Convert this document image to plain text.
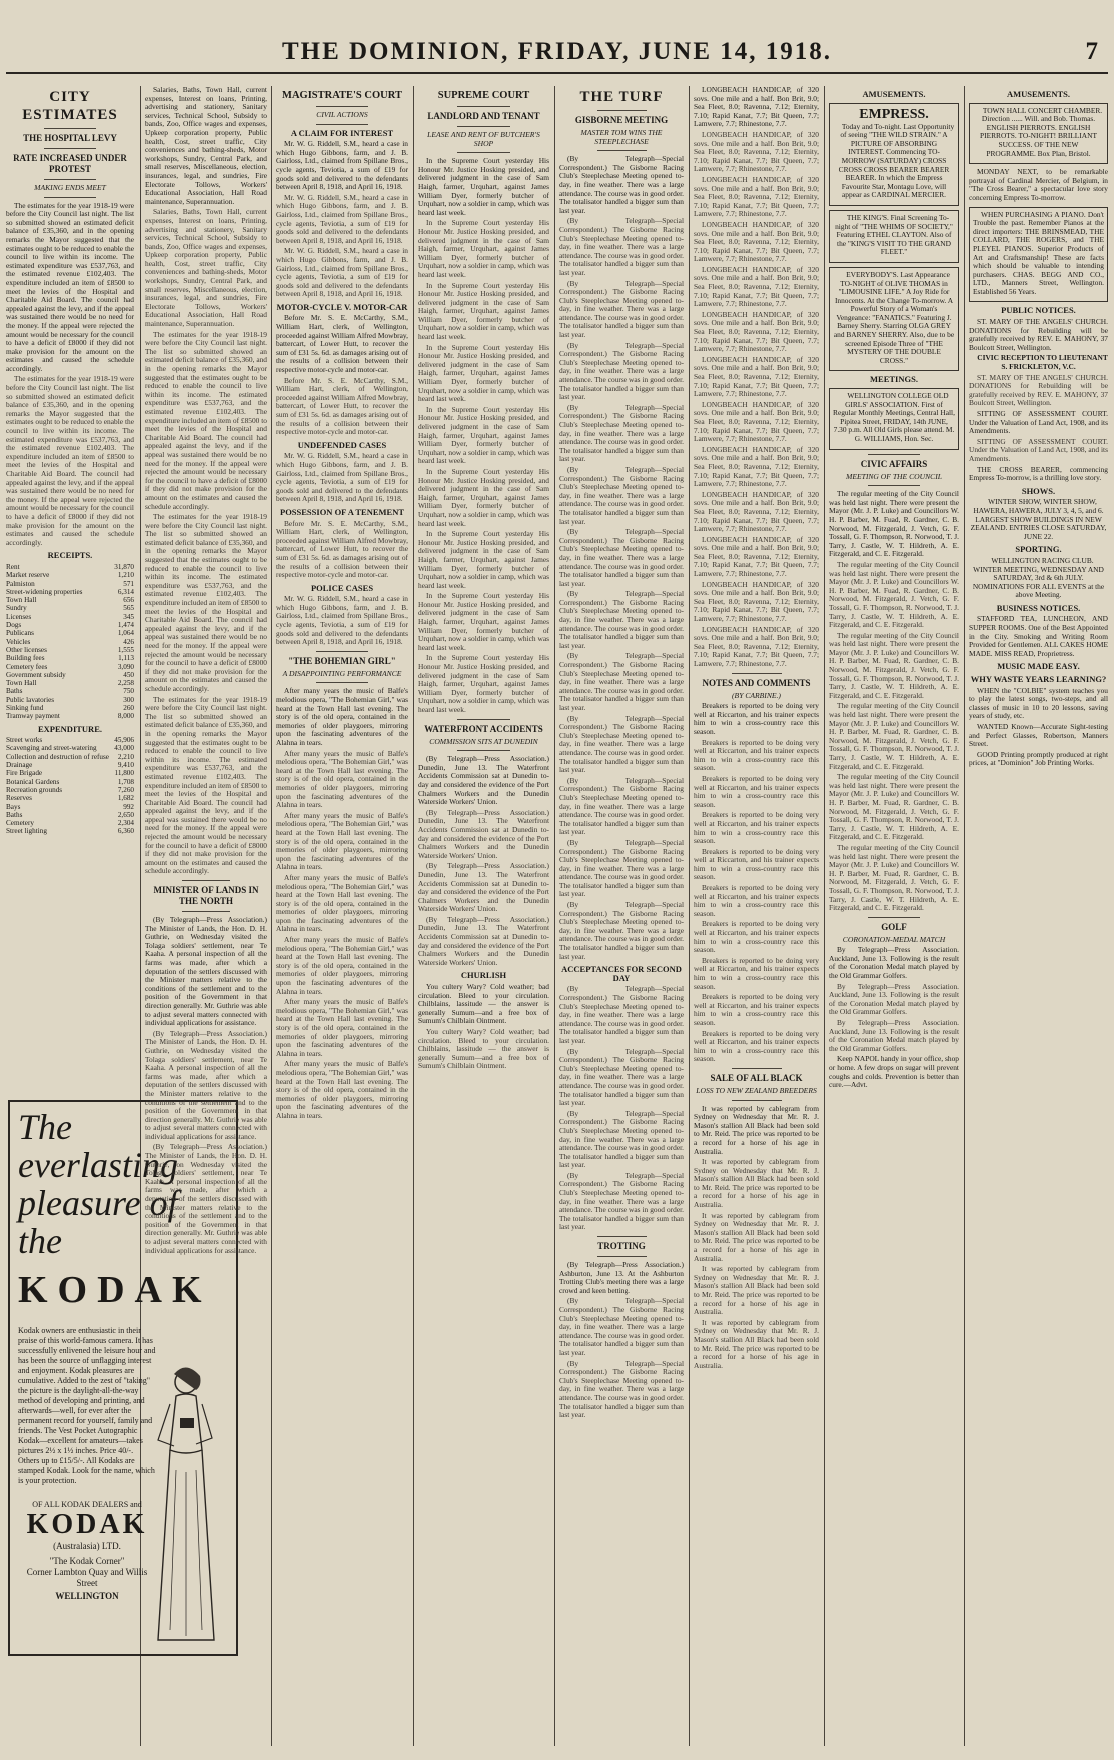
THE DOMINION, FRIDAY, JUNE 14, 1918.	7
CITY ESTIMATES
THE HOSPITAL LEVY
RATE INCREASED UNDER PROTEST
MAKING ENDS MEET

The estimates for the year 1918-19 were before the City Council last night. The list so submitted showed an estimated deficit balance of £35,360, and in the opening remarks the Mayor suggested that the estimates ought to be reduced to enable the council to live within its income. The estimated expenditure was £537,763, and the estimated revenue £102,403. The expenditure included an item of £8500 to meet the levies of the Hospital and Charitable Aid Board. The council had appealed against the levy, and if the appeal was sustained there would be no need for the money. If the appeal were rejected the amount would be necessary for the council to have a deficit of £8000 if they did not make provision for the amount on the estimates and caused the schedule accordingly.

The estimates for the year 1918-19 were before the City Council last night. The list so submitted showed an estimated deficit balance of £35,360, and in the opening remarks the Mayor suggested that the estimates ought to be reduced to enable the council to live within its income. The estimated expenditure was £537,763, and the estimated revenue £102,403. The expenditure included an item of £8500 to meet the levies of the Hospital and Charitable Aid Board. The council had appealed against the levy, and if the appeal was sustained there would be no need for the money. If the appeal were rejected the amount would be necessary for the council to have a deficit of £8000 if they did not make provision for the amount on the estimates and caused the schedule accordingly.

RECEIPTS.
Rent	31,870
Market reserve	1,210
Palmiston	571
Street-widening properties	6,314
Town Hall	656
Sundry	565
Licenses	345
Dogs	1,474
Publicans	1,064
Vehicles	426
Other licenses	1,555
Building fees	1,113
Cemetery fees	3,090
Government subsidy	450
Town Hall	2,258
Baths	750
Public lavatories	300
Sinking fund	260
Tramway payment	8,000
EXPENDITURE.
Street works	45,906
Scavenging and street-watering	43,000
Collection and destruction of refuse	2,210
Drainage	9,410
Fire Brigade	11,800
Botanical Gardens	1,708
Recreation grounds	7,260
Reserves	1,682
Bays	992
Baths	2,650
Cemetery	2,304
Street lighting	6,360
The everlasting pleasure of the
KODAK
Kodak owners are enthusiastic in their praise of this world-famous camera. It has successfully enlivened the leisure hour and has been the source of unflagging interest and enjoyment. Kodak pleasures are cumulative. Added to the zest of "taking" the picture is the daylight-all-the-way method of developing and printing, and afterwards—well, for ever after the permanent record for yourself, family and friends. The Vest Pocket Autographic Kodak—excellent for amateurs—takes pictures 2½ x 1½ inches. Price 40/-. Others up to £15/5/-. All Kodaks are stamped Kodak. Look for the name, which is your protection.
OF ALL KODAK DEALERS and
KODAK
(Australasia) LTD.
"The Kodak Corner"
Corner Lambton Quay and Willis Street
WELLINGTON

Salaries, Baths, Town Hall, current expenses, Interest on loans, Printing, advertising and stationery, Sanitary services, Technical School, Subsidy to bands, Zoo, Office wages and expenses, Upkeep corporation property, Public health, Cost, street traffic, City conveniences and bathing-sheds, Motor workshops, Sundry, Central Park, and small reserves, Miscellaneous, election, insurances, legal, and sundries, Fire Electorate Tollows, Workers' Educational Association, Hall Road maintenance, Superannuation.

Salaries, Baths, Town Hall, current expenses, Interest on loans, Printing, advertising and stationery, Sanitary services, Technical School, Subsidy to bands, Zoo, Office wages and expenses, Upkeep corporation property, Public health, Cost, street traffic, City conveniences and bathing-sheds, Motor workshops, Sundry, Central Park, and small reserves, Miscellaneous, election, insurances, legal, and sundries, Fire Electorate Tollows, Workers' Educational Association, Hall Road maintenance, Superannuation.

The estimates for the year 1918-19 were before the City Council last night. The list so submitted showed an estimated deficit balance of £35,360, and in the opening remarks the Mayor suggested that the estimates ought to be reduced to enable the council to live within its income. The estimated expenditure was £537,763, and the estimated revenue £102,403. The expenditure included an item of £8500 to meet the levies of the Hospital and Charitable Aid Board. The council had appealed against the levy, and if the appeal was sustained there would be no need for the money. If the appeal were rejected the amount would be necessary for the council to have a deficit of £8000 if they did not make provision for the amount on the estimates and caused the schedule accordingly.

The estimates for the year 1918-19 were before the City Council last night. The list so submitted showed an estimated deficit balance of £35,360, and in the opening remarks the Mayor suggested that the estimates ought to be reduced to enable the council to live within its income. The estimated expenditure was £537,763, and the estimated revenue £102,403. The expenditure included an item of £8500 to meet the levies of the Hospital and Charitable Aid Board. The council had appealed against the levy, and if the appeal was sustained there would be no need for the money. If the appeal were rejected the amount would be necessary for the council to have a deficit of £8000 if they did not make provision for the amount on the estimates and caused the schedule accordingly.

The estimates for the year 1918-19 were before the City Council last night. The list so submitted showed an estimated deficit balance of £35,360, and in the opening remarks the Mayor suggested that the estimates ought to be reduced to enable the council to live within its income. The estimated expenditure was £537,763, and the estimated revenue £102,403. The expenditure included an item of £8500 to meet the levies of the Hospital and Charitable Aid Board. The council had appealed against the levy, and if the appeal was sustained there would be no need for the money. If the appeal were rejected the amount would be necessary for the council to have a deficit of £8000 if they did not make provision for the amount on the estimates and caused the schedule accordingly.

MINISTER OF LANDS IN THE NORTH

(By Telegraph—Press Association.) The Minister of Lands, the Hon. D. H. Guthrie, on Wednesday visited the Tolaga soldiers' settlement, near Te Kaaha. A personal inspection of all the farms was made, after which a deputation of the settlers discussed with the Minister matters relative to the conditions of the settlement and to the position of the Government in that direction generally. Mr. Guthrie was able to adjust several matters connected with individual applications for assistance.

(By Telegraph—Press Association.) The Minister of Lands, the Hon. D. H. Guthrie, on Wednesday visited the Tolaga soldiers' settlement, near Te Kaaha. A personal inspection of all the farms was made, after which a deputation of the settlers discussed with the Minister matters relative to the conditions of the settlement and to the position of the Government in that direction generally. Mr. Guthrie was able to adjust several matters connected with individual applications for assistance.

(By Telegraph—Press Association.) The Minister of Lands, the Hon. D. H. Guthrie, on Wednesday visited the Tolaga soldiers' settlement, near Te Kaaha. A personal inspection of all the farms was made, after which a deputation of the settlers discussed with the Minister matters relative to the conditions of the settlement and to the position of the Government in that direction generally. Mr. Guthrie was able to adjust several matters connected with individual applications for assistance.

MAGISTRATE'S COURT
CIVIL ACTIONS
A CLAIM FOR INTEREST

Mr. W. G. Riddell, S.M., heard a case in which Hugo Gibbons, farm, and J. B. Gairloss, Ltd., claimed from Spillane Bros., cycle agents, Teviotia, a sum of £19 for goods sold and delivered to the defendants between April 8, 1918, and April 16, 1918.

Mr. W. G. Riddell, S.M., heard a case in which Hugo Gibbons, farm, and J. B. Gairloss, Ltd., claimed from Spillane Bros., cycle agents, Teviotia, a sum of £19 for goods sold and delivered to the defendants between April 8, 1918, and April 16, 1918.

Mr. W. G. Riddell, S.M., heard a case in which Hugo Gibbons, farm, and J. B. Gairloss, Ltd., claimed from Spillane Bros., cycle agents, Teviotia, a sum of £19 for goods sold and delivered to the defendants between April 8, 1918, and April 16, 1918.

MOTOR-CYCLE V. MOTOR-CAR

Before Mr. S. E. McCarthy, S.M., William Hart, clerk, of Wellington, proceeded against William Alfred Mowbray, battercart, of Lower Hutt, to recover the sum of £31 5s. 6d. as damages arising out of the results of a collision between their respective motor-cycle and motor-car.

Before Mr. S. E. McCarthy, S.M., William Hart, clerk, of Wellington, proceeded against William Alfred Mowbray, battercart, of Lower Hutt, to recover the sum of £31 5s. 6d. as damages arising out of the results of a collision between their respective motor-cycle and motor-car.

UNDEFENDED CASES

Mr. W. G. Riddell, S.M., heard a case in which Hugo Gibbons, farm, and J. B. Gairloss, Ltd., claimed from Spillane Bros., cycle agents, Teviotia, a sum of £19 for goods sold and delivered to the defendants between April 8, 1918, and April 16, 1918.

POSSESSION OF A TENEMENT

Before Mr. S. E. McCarthy, S.M., William Hart, clerk, of Wellington, proceeded against William Alfred Mowbray, battercart, of Lower Hutt, to recover the sum of £31 5s. 6d. as damages arising out of the results of a collision between their respective motor-cycle and motor-car.

POLICE CASES

Mr. W. G. Riddell, S.M., heard a case in which Hugo Gibbons, farm, and J. B. Gairloss, Ltd., claimed from Spillane Bros., cycle agents, Teviotia, a sum of £19 for goods sold and delivered to the defendants between April 8, 1918, and April 16, 1918.

"THE BOHEMIAN GIRL"
A DISAPPOINTING PERFORMANCE

After many years the music of Balfe's melodious opera, "The Bohemian Girl," was heard at the Town Hall last evening. The story is of the old opera, contained in the memories of older playgoers, mirroring upon the fascinating adventures of the Alahna in tears.

After many years the music of Balfe's melodious opera, "The Bohemian Girl," was heard at the Town Hall last evening. The story is of the old opera, contained in the memories of older playgoers, mirroring upon the fascinating adventures of the Alahna in tears.

After many years the music of Balfe's melodious opera, "The Bohemian Girl," was heard at the Town Hall last evening. The story is of the old opera, contained in the memories of older playgoers, mirroring upon the fascinating adventures of the Alahna in tears.

After many years the music of Balfe's melodious opera, "The Bohemian Girl," was heard at the Town Hall last evening. The story is of the old opera, contained in the memories of older playgoers, mirroring upon the fascinating adventures of the Alahna in tears.

After many years the music of Balfe's melodious opera, "The Bohemian Girl," was heard at the Town Hall last evening. The story is of the old opera, contained in the memories of older playgoers, mirroring upon the fascinating adventures of the Alahna in tears.

After many years the music of Balfe's melodious opera, "The Bohemian Girl," was heard at the Town Hall last evening. The story is of the old opera, contained in the memories of older playgoers, mirroring upon the fascinating adventures of the Alahna in tears.

After many years the music of Balfe's melodious opera, "The Bohemian Girl," was heard at the Town Hall last evening. The story is of the old opera, contained in the memories of older playgoers, mirroring upon the fascinating adventures of the Alahna in tears.

SUPREME COURT
LANDLORD AND TENANT
LEASE AND RENT OF BUTCHER'S SHOP

In the Supreme Court yesterday His Honour Mr. Justice Hosking presided, and delivered judgment in the case of Sam Haigh, farmer, Urquhart, against James William Dyer, formerly butcher of Urquhart, now a soldier in camp, which was heard last week.

In the Supreme Court yesterday His Honour Mr. Justice Hosking presided, and delivered judgment in the case of Sam Haigh, farmer, Urquhart, against James William Dyer, formerly butcher of Urquhart, now a soldier in camp, which was heard last week.

In the Supreme Court yesterday His Honour Mr. Justice Hosking presided, and delivered judgment in the case of Sam Haigh, farmer, Urquhart, against James William Dyer, formerly butcher of Urquhart, now a soldier in camp, which was heard last week.

In the Supreme Court yesterday His Honour Mr. Justice Hosking presided, and delivered judgment in the case of Sam Haigh, farmer, Urquhart, against James William Dyer, formerly butcher of Urquhart, now a soldier in camp, which was heard last week.

In the Supreme Court yesterday His Honour Mr. Justice Hosking presided, and delivered judgment in the case of Sam Haigh, farmer, Urquhart, against James William Dyer, formerly butcher of Urquhart, now a soldier in camp, which was heard last week.

In the Supreme Court yesterday His Honour Mr. Justice Hosking presided, and delivered judgment in the case of Sam Haigh, farmer, Urquhart, against James William Dyer, formerly butcher of Urquhart, now a soldier in camp, which was heard last week.

In the Supreme Court yesterday His Honour Mr. Justice Hosking presided, and delivered judgment in the case of Sam Haigh, farmer, Urquhart, against James William Dyer, formerly butcher of Urquhart, now a soldier in camp, which was heard last week.

In the Supreme Court yesterday His Honour Mr. Justice Hosking presided, and delivered judgment in the case of Sam Haigh, farmer, Urquhart, against James William Dyer, formerly butcher of Urquhart, now a soldier in camp, which was heard last week.

In the Supreme Court yesterday His Honour Mr. Justice Hosking presided, and delivered judgment in the case of Sam Haigh, farmer, Urquhart, against James William Dyer, formerly butcher of Urquhart, now a soldier in camp, which was heard last week.

WATERFRONT ACCIDENTS
COMMISSION SITS AT DUNEDIN

(By Telegraph—Press Association.) Dunedin, June 13. The Waterfront Accidents Commission sat at Dunedin to-day and considered the evidence of the Port Chalmers Workers and the Dunedin Waterside Workers' Union.

(By Telegraph—Press Association.) Dunedin, June 13. The Waterfront Accidents Commission sat at Dunedin to-day and considered the evidence of the Port Chalmers Workers and the Dunedin Waterside Workers' Union.

(By Telegraph—Press Association.) Dunedin, June 13. The Waterfront Accidents Commission sat at Dunedin to-day and considered the evidence of the Port Chalmers Workers and the Dunedin Waterside Workers' Union.

(By Telegraph—Press Association.) Dunedin, June 13. The Waterfront Accidents Commission sat at Dunedin to-day and considered the evidence of the Port Chalmers Workers and the Dunedin Waterside Workers' Union.

CHURLISH

You cultery Wary? Cold weather; bad circulation. Bleed to your circulation. Chilblains, lassitude — the answer is generally Sumum—and a free box of Sumum's Chilblain Ointment.

You cultery Wary? Cold weather; bad circulation. Bleed to your circulation. Chilblains, lassitude — the answer is generally Sumum—and a free box of Sumum's Chilblain Ointment.

THE TURF
GISBORNE MEETING
MASTER TOM WINS THE STEEPLECHASE

(By Telegraph—Special Correspondent.) The Gisborne Racing Club's Steeplechase Meeting opened to-day, in fine weather. There was a large attendance. The course was in good order. The totalisator handled a bigger sum than last year.

(By Telegraph—Special Correspondent.) The Gisborne Racing Club's Steeplechase Meeting opened to-day, in fine weather. There was a large attendance. The course was in good order. The totalisator handled a bigger sum than last year.

(By Telegraph—Special Correspondent.) The Gisborne Racing Club's Steeplechase Meeting opened to-day, in fine weather. There was a large attendance. The course was in good order. The totalisator handled a bigger sum than last year.

(By Telegraph—Special Correspondent.) The Gisborne Racing Club's Steeplechase Meeting opened to-day, in fine weather. There was a large attendance. The course was in good order. The totalisator handled a bigger sum than last year.

(By Telegraph—Special Correspondent.) The Gisborne Racing Club's Steeplechase Meeting opened to-day, in fine weather. There was a large attendance. The course was in good order. The totalisator handled a bigger sum than last year.

(By Telegraph—Special Correspondent.) The Gisborne Racing Club's Steeplechase Meeting opened to-day, in fine weather. There was a large attendance. The course was in good order. The totalisator handled a bigger sum than last year.

(By Telegraph—Special Correspondent.) The Gisborne Racing Club's Steeplechase Meeting opened to-day, in fine weather. There was a large attendance. The course was in good order. The totalisator handled a bigger sum than last year.

(By Telegraph—Special Correspondent.) The Gisborne Racing Club's Steeplechase Meeting opened to-day, in fine weather. There was a large attendance. The course was in good order. The totalisator handled a bigger sum than last year.

(By Telegraph—Special Correspondent.) The Gisborne Racing Club's Steeplechase Meeting opened to-day, in fine weather. There was a large attendance. The course was in good order. The totalisator handled a bigger sum than last year.

(By Telegraph—Special Correspondent.) The Gisborne Racing Club's Steeplechase Meeting opened to-day, in fine weather. There was a large attendance. The course was in good order. The totalisator handled a bigger sum than last year.

(By Telegraph—Special Correspondent.) The Gisborne Racing Club's Steeplechase Meeting opened to-day, in fine weather. There was a large attendance. The course was in good order. The totalisator handled a bigger sum than last year.

(By Telegraph—Special Correspondent.) The Gisborne Racing Club's Steeplechase Meeting opened to-day, in fine weather. There was a large attendance. The course was in good order. The totalisator handled a bigger sum than last year.

(By Telegraph—Special Correspondent.) The Gisborne Racing Club's Steeplechase Meeting opened to-day, in fine weather. There was a large attendance. The course was in good order. The totalisator handled a bigger sum than last year.

ACCEPTANCES FOR SECOND DAY

(By Telegraph—Special Correspondent.) The Gisborne Racing Club's Steeplechase Meeting opened to-day, in fine weather. There was a large attendance. The course was in good order. The totalisator handled a bigger sum than last year.

(By Telegraph—Special Correspondent.) The Gisborne Racing Club's Steeplechase Meeting opened to-day, in fine weather. There was a large attendance. The course was in good order. The totalisator handled a bigger sum than last year.

(By Telegraph—Special Correspondent.) The Gisborne Racing Club's Steeplechase Meeting opened to-day, in fine weather. There was a large attendance. The course was in good order. The totalisator handled a bigger sum than last year.

(By Telegraph—Special Correspondent.) The Gisborne Racing Club's Steeplechase Meeting opened to-day, in fine weather. There was a large attendance. The course was in good order. The totalisator handled a bigger sum than last year.

TROTTING

(By Telegraph—Press Association.) Ashburton, June 13. At the Ashburton Trotting Club's meeting there was a large crowd and keen betting.

(By Telegraph—Special Correspondent.) The Gisborne Racing Club's Steeplechase Meeting opened to-day, in fine weather. There was a large attendance. The course was in good order. The totalisator handled a bigger sum than last year.

(By Telegraph—Special Correspondent.) The Gisborne Racing Club's Steeplechase Meeting opened to-day, in fine weather. There was a large attendance. The course was in good order. The totalisator handled a bigger sum than last year.

LONGBEACH HANDICAP, of 320 sovs. One mile and a half. Bon Brit, 9.0; Sea Fleet, 8.0; Ravenna, 7.12; Eternity, 7.10; Rapid Kanat, 7.7; Bit Queen, 7.7; Lamwere, 7.7; Rhinestone, 7.7.

LONGBEACH HANDICAP, of 320 sovs. One mile and a half. Bon Brit, 9.0; Sea Fleet, 8.0; Ravenna, 7.12; Eternity, 7.10; Rapid Kanat, 7.7; Bit Queen, 7.7; Lamwere, 7.7; Rhinestone, 7.7.

LONGBEACH HANDICAP, of 320 sovs. One mile and a half. Bon Brit, 9.0; Sea Fleet, 8.0; Ravenna, 7.12; Eternity, 7.10; Rapid Kanat, 7.7; Bit Queen, 7.7; Lamwere, 7.7; Rhinestone, 7.7.

LONGBEACH HANDICAP, of 320 sovs. One mile and a half. Bon Brit, 9.0; Sea Fleet, 8.0; Ravenna, 7.12; Eternity, 7.10; Rapid Kanat, 7.7; Bit Queen, 7.7; Lamwere, 7.7; Rhinestone, 7.7.

LONGBEACH HANDICAP, of 320 sovs. One mile and a half. Bon Brit, 9.0; Sea Fleet, 8.0; Ravenna, 7.12; Eternity, 7.10; Rapid Kanat, 7.7; Bit Queen, 7.7; Lamwere, 7.7; Rhinestone, 7.7.

LONGBEACH HANDICAP, of 320 sovs. One mile and a half. Bon Brit, 9.0; Sea Fleet, 8.0; Ravenna, 7.12; Eternity, 7.10; Rapid Kanat, 7.7; Bit Queen, 7.7; Lamwere, 7.7; Rhinestone, 7.7.

LONGBEACH HANDICAP, of 320 sovs. One mile and a half. Bon Brit, 9.0; Sea Fleet, 8.0; Ravenna, 7.12; Eternity, 7.10; Rapid Kanat, 7.7; Bit Queen, 7.7; Lamwere, 7.7; Rhinestone, 7.7.

LONGBEACH HANDICAP, of 320 sovs. One mile and a half. Bon Brit, 9.0; Sea Fleet, 8.0; Ravenna, 7.12; Eternity, 7.10; Rapid Kanat, 7.7; Bit Queen, 7.7; Lamwere, 7.7; Rhinestone, 7.7.

LONGBEACH HANDICAP, of 320 sovs. One mile and a half. Bon Brit, 9.0; Sea Fleet, 8.0; Ravenna, 7.12; Eternity, 7.10; Rapid Kanat, 7.7; Bit Queen, 7.7; Lamwere, 7.7; Rhinestone, 7.7.

LONGBEACH HANDICAP, of 320 sovs. One mile and a half. Bon Brit, 9.0; Sea Fleet, 8.0; Ravenna, 7.12; Eternity, 7.10; Rapid Kanat, 7.7; Bit Queen, 7.7; Lamwere, 7.7; Rhinestone, 7.7.

LONGBEACH HANDICAP, of 320 sovs. One mile and a half. Bon Brit, 9.0; Sea Fleet, 8.0; Ravenna, 7.12; Eternity, 7.10; Rapid Kanat, 7.7; Bit Queen, 7.7; Lamwere, 7.7; Rhinestone, 7.7.

LONGBEACH HANDICAP, of 320 sovs. One mile and a half. Bon Brit, 9.0; Sea Fleet, 8.0; Ravenna, 7.12; Eternity, 7.10; Rapid Kanat, 7.7; Bit Queen, 7.7; Lamwere, 7.7; Rhinestone, 7.7.

LONGBEACH HANDICAP, of 320 sovs. One mile and a half. Bon Brit, 9.0; Sea Fleet, 8.0; Ravenna, 7.12; Eternity, 7.10; Rapid Kanat, 7.7; Bit Queen, 7.7; Lamwere, 7.7; Rhinestone, 7.7.

NOTES AND COMMENTS
(BY CARBINE.)

Breakers is reported to be doing very well at Riccarton, and his trainer expects him to win a cross-country race this season.

Breakers is reported to be doing very well at Riccarton, and his trainer expects him to win a cross-country race this season.

Breakers is reported to be doing very well at Riccarton, and his trainer expects him to win a cross-country race this season.

Breakers is reported to be doing very well at Riccarton, and his trainer expects him to win a cross-country race this season.

Breakers is reported to be doing very well at Riccarton, and his trainer expects him to win a cross-country race this season.

Breakers is reported to be doing very well at Riccarton, and his trainer expects him to win a cross-country race this season.

Breakers is reported to be doing very well at Riccarton, and his trainer expects him to win a cross-country race this season.

Breakers is reported to be doing very well at Riccarton, and his trainer expects him to win a cross-country race this season.

Breakers is reported to be doing very well at Riccarton, and his trainer expects him to win a cross-country race this season.

Breakers is reported to be doing very well at Riccarton, and his trainer expects him to win a cross-country race this season.

SALE OF ALL BLACK
LOSS TO NEW ZEALAND BREEDERS

It was reported by cablegram from Sydney on Wednesday that Mr. R. J. Mason's stallion All Black had been sold to Mr. Reid. The price was reported to be a record for a horse of his age in Australia.

It was reported by cablegram from Sydney on Wednesday that Mr. R. J. Mason's stallion All Black had been sold to Mr. Reid. The price was reported to be a record for a horse of his age in Australia.

It was reported by cablegram from Sydney on Wednesday that Mr. R. J. Mason's stallion All Black had been sold to Mr. Reid. The price was reported to be a record for a horse of his age in Australia.

It was reported by cablegram from Sydney on Wednesday that Mr. R. J. Mason's stallion All Black had been sold to Mr. Reid. The price was reported to be a record for a horse of his age in Australia.

It was reported by cablegram from Sydney on Wednesday that Mr. R. J. Mason's stallion All Black had been sold to Mr. Reid. The price was reported to be a record for a horse of his age in Australia.

AMUSEMENTS.
EMPRESS.

Today and To-night. Last Opportunity of seeing "THE WILD STRAIN." A PICTURE OF ABSORBING INTEREST. Commencing TO-MORROW (SATURDAY) CROSS CROSS CROSS BEARER BEARER BEARER. In which the Empress Favourite Star, Montagu Love, will appear as CARDINAL MERCIER.

THE KING'S. Final Screening To-night of "THE WHIMS OF SOCIETY," Featuring ETHEL CLAYTON. Also of the "KING'S VISIT TO THE GRAND FLEET."

EVERYBODY'S. Last Appearance TO-NIGHT of OLIVE THOMAS in "LIMOUSINE LIFE." A Joy Ride for Innocents. At the Change To-morrow. A Powerful Story of a Woman's Vengeance: "FANATICS." Featuring J. Barney Sherry. Starring OLGA GREY and BARNEY SHERRY. Also, due to be screened Episode Three of "THE MYSTERY OF THE DOUBLE CROSS."

MEETINGS.

WELLINGTON COLLEGE OLD GIRLS' ASSOCIATION. First of Regular Monthly Meetings, Central Hall, Pipitea Street, FRIDAY, 14th JUNE, 7.30 p.m. All Old Girls please attend. M. G. WILLIAMS, Hon. Sec.

CIVIC AFFAIRS
MEETING OF THE COUNCIL

The regular meeting of the City Council was held last night. There were present the Mayor (Mr. J. P. Luke) and Councillors W. H. P. Barber, M. Fuad, R. Gardner, C. B. Norwood, M. Fitzgerald, J. Vetch, G. F. Tossall, G. F. Thompson, R. Norwood, T. J. Tarry, J. Castle, W. T. Hildreth, A. E. Fitzgerald, and C. E. Fitzgerald.

The regular meeting of the City Council was held last night. There were present the Mayor (Mr. J. P. Luke) and Councillors W. H. P. Barber, M. Fuad, R. Gardner, C. B. Norwood, M. Fitzgerald, J. Vetch, G. F. Tossall, G. F. Thompson, R. Norwood, T. J. Tarry, J. Castle, W. T. Hildreth, A. E. Fitzgerald, and C. E. Fitzgerald.

The regular meeting of the City Council was held last night. There were present the Mayor (Mr. J. P. Luke) and Councillors W. H. P. Barber, M. Fuad, R. Gardner, C. B. Norwood, M. Fitzgerald, J. Vetch, G. F. Tossall, G. F. Thompson, R. Norwood, T. J. Tarry, J. Castle, W. T. Hildreth, A. E. Fitzgerald, and C. E. Fitzgerald.

The regular meeting of the City Council was held last night. There were present the Mayor (Mr. J. P. Luke) and Councillors W. H. P. Barber, M. Fuad, R. Gardner, C. B. Norwood, M. Fitzgerald, J. Vetch, G. F. Tossall, G. F. Thompson, R. Norwood, T. J. Tarry, J. Castle, W. T. Hildreth, A. E. Fitzgerald, and C. E. Fitzgerald.

The regular meeting of the City Council was held last night. There were present the Mayor (Mr. J. P. Luke) and Councillors W. H. P. Barber, M. Fuad, R. Gardner, C. B. Norwood, M. Fitzgerald, J. Vetch, G. F. Tossall, G. F. Thompson, R. Norwood, T. J. Tarry, J. Castle, W. T. Hildreth, A. E. Fitzgerald, and C. E. Fitzgerald.

The regular meeting of the City Council was held last night. There were present the Mayor (Mr. J. P. Luke) and Councillors W. H. P. Barber, M. Fuad, R. Gardner, C. B. Norwood, M. Fitzgerald, J. Vetch, G. F. Tossall, G. F. Thompson, R. Norwood, T. J. Tarry, J. Castle, W. T. Hildreth, A. E. Fitzgerald, and C. E. Fitzgerald.

GOLF
CORONATION-MEDAL MATCH

By Telegraph—Press Association. Auckland, June 13. Following is the result of the Coronation Medal match played by the Old Grammar Golfers.

By Telegraph—Press Association. Auckland, June 13. Following is the result of the Coronation Medal match played by the Old Grammar Golfers.

By Telegraph—Press Association. Auckland, June 13. Following is the result of the Coronation Medal match played by the Old Grammar Golfers.

Keep NAPOL handy in your office, shop or home. A few drops on sugar will prevent coughs and colds. Prevention is better than cure.—Advt.

AMUSEMENTS.

TOWN HALL CONCERT CHAMBER. Direction ...... Will. and Bob. Thomas. ENGLISH PIERROTS. ENGLISH PIERROTS. TO-NIGHT! BRILLIANT SUCCESS. OF THE NEW PROGRAMME. Box Plan, Bristol.

MONDAY NEXT, to be remarkable portrayal of Cardinal Mercier, of Belgium, in "The Cross Bearer," a spectacular love story concerning Empress To-morrow.

WHEN PURCHASING A PIANO. Don't Trouble the past. Remember Pianos at the direct importers: THE BRINSMEAD, THE COLLARD, THE ROGERS, and THE PLEYEL PIANOS. Superior Products of Art and Craftsmanship! These are facts which should be valuable to intending purchasers. CHAS. BEGG AND CO., LTD., Manners Street, Wellington. Established 56 Years.

PUBLIC NOTICES.

ST. MARY OF THE ANGELS' CHURCH. DONATIONS for Rebuilding will be gratefully received by REV. E. MAHONY, 37 Boulcott Street, Wellington.

CIVIC RECEPTION TO LIEUTENANT S. FRICKLETON, V.C.

ST. MARY OF THE ANGELS' CHURCH. DONATIONS for Rebuilding will be gratefully received by REV. E. MAHONY, 37 Boulcott Street, Wellington.

SITTING OF ASSESSMENT COURT. Under the Valuation of Land Act, 1908, and its Amendments.

SITTING OF ASSESSMENT COURT. Under the Valuation of Land Act, 1908, and its Amendments.

THE CROSS BEARER, commencing Empress To-morrow, is a thrilling love story.

SHOWS.

WINTER SHOW, WINTER SHOW, HAWERA, HAWERA, JULY 3, 4, 5, and 6. LARGEST SHOW BUILDINGS IN NEW ZEALAND. ENTRIES CLOSE SATURDAY, JUNE 22.

SPORTING.

WELLINGTON RACING CLUB. WINTER MEETING, WEDNESDAY AND SATURDAY, 3rd & 6th JULY. NOMINATIONS FOR ALL EVENTS at the above Meeting.

BUSINESS NOTICES.

STAFFORD TEA, LUNCHEON, AND SUPPER ROOMS. One of the Best Appointed in the City. Smoking and Writing Room Provided for Gentlemen. ALL CAKES HOME MADE. MISS READ, Proprietress.

MUSIC MADE EASY.
WHY WASTE YEARS LEARNING?

WHEN the "COLBIE" system teaches you to play the latest songs, two-steps, and all classes of music in 10 to 20 lessons, saving years of study, etc.

WANTED Known—Accurate Sight-testing and Perfect Glasses, Robertson, Manners Street.

GOOD Printing promptly produced at right prices, at "Dominion" Job Printing Works.
